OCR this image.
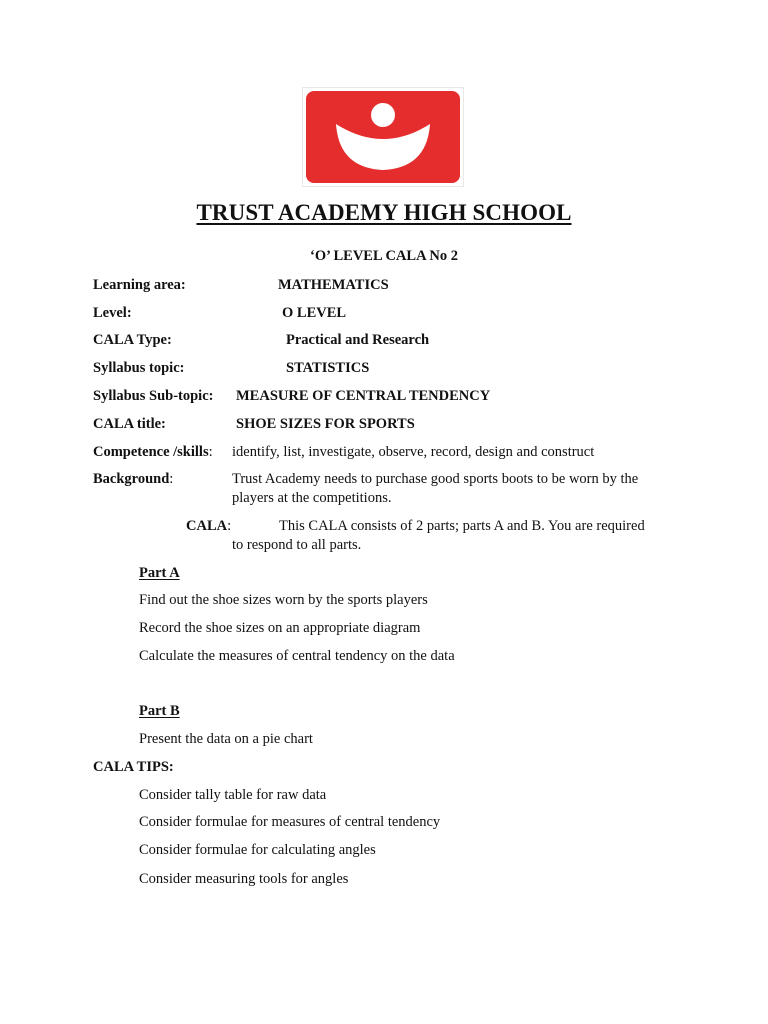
TRUST ACADEMY HIGH SCHOOL
‘O’ LEVEL CALA No 2
Learning area:	MATHEMATICS
Level:	O LEVEL
CALA Type:	Practical and Research
Syllabus topic:	STATISTICS
Syllabus Sub-topic: MEASURE OF CENTRAL TENDENCY
CALA title:	SHOE SIZES FOR SPORTS
Competence /skills: identify, list, investigate, observe, record, design and construct
Background:	Trust Academy needs to purchase good sports boots to be worn by the
players at the competitions.
CALA:	This CALA consists of 2 parts; parts A and B. You are required
to respond to all parts.
Part A
Find out the shoe sizes worn by the sports players
Record the shoe sizes on an appropriate diagram
Calculate the measures of central tendency on the data
Part B
Present the data on a pie chart
CALA TIPS:
Consider tally table for raw data
Consider formulae for measures of central tendency
Consider formulae for calculating angles
Consider measuring tools for angles
